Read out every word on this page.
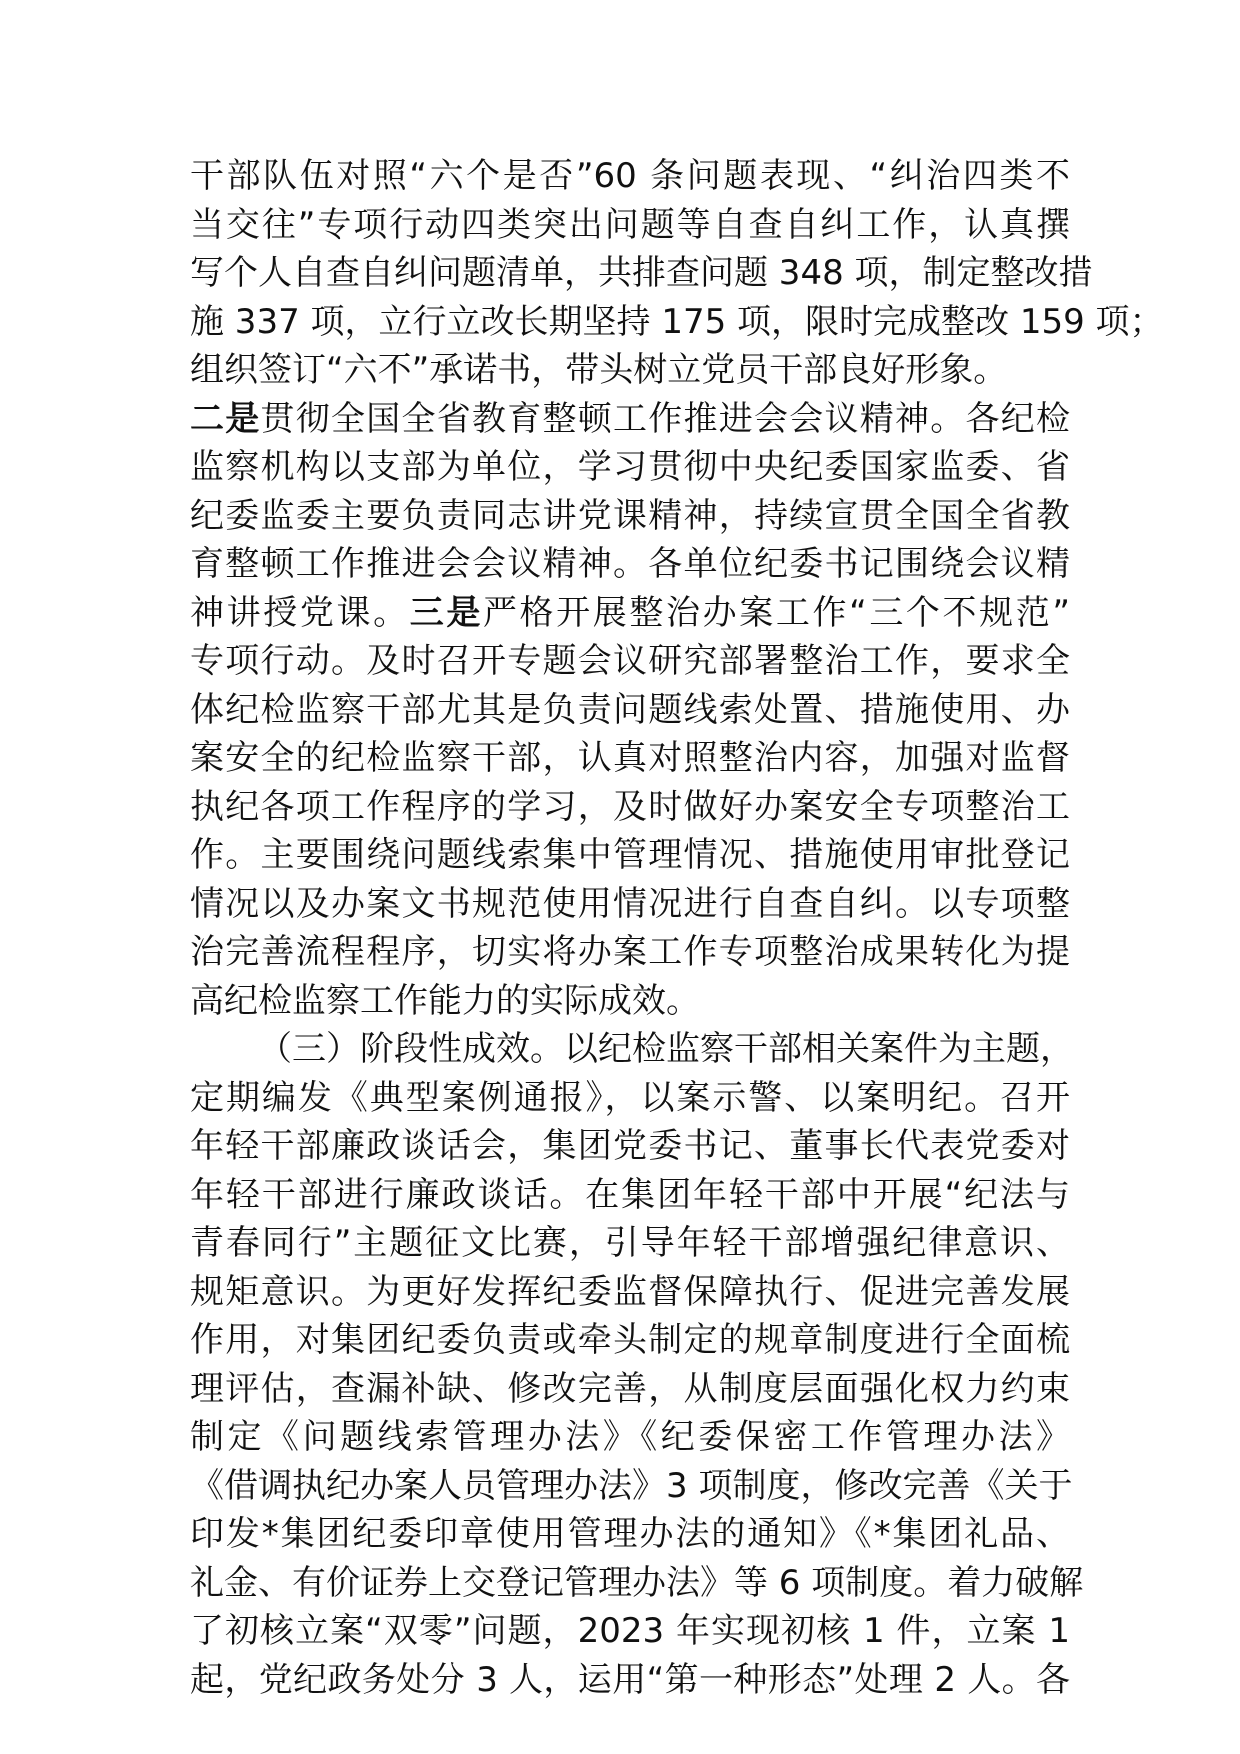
干部队伍对照“六个是否”60 条问题表现、“纠治四类不
当交往”专项行动四类突出问题等自查自纠工作，认真撰
写个人自查自纠问题清单，共排查问题 348 项，制定整改措
施 337 项，立行立改长期坚持 175 项，限时完成整改 159 项；
组织签订“六不”承诺书，带头树立党员干部良好形象。
二是贯彻全国全省教育整顿工作推进会会议精神。各纪检
监察机构以支部为单位，学习贯彻中央纪委国家监委、省
纪委监委主要负责同志讲党课精神，持续宣贯全国全省教
育整顿工作推进会会议精神。各单位纪委书记围绕会议精
神讲授党课。三是严格开展整治办案工作“三个不规范”
专项行动。及时召开专题会议研究部署整治工作，要求全
体纪检监察干部尤其是负责问题线索处置、措施使用、办
案安全的纪检监察干部，认真对照整治内容，加强对监督
执纪各项工作程序的学习，及时做好办案安全专项整治工
作。主要围绕问题线索集中管理情况、措施使用审批登记
情况以及办案文书规范使用情况进行自查自纠。以专项整
治完善流程程序，切实将办案工作专项整治成果转化为提
高纪检监察工作能力的实际成效。
（三）阶段性成效。以纪检监察干部相关案件为主题，
定期编发《典型案例通报》，以案示警、以案明纪。召开
年轻干部廉政谈话会，集团党委书记、董事长代表党委对
年轻干部进行廉政谈话。在集团年轻干部中开展“纪法与
青春同行”主题征文比赛，引导年轻干部增强纪律意识、
规矩意识。为更好发挥纪委监督保障执行、促进完善发展
作用，对集团纪委负责或牵头制定的规章制度进行全面梳
理评估，查漏补缺、修改完善，从制度层面强化权力约束
制定《问题线索管理办法》《纪委保密工作管理办法》
《借调执纪办案人员管理办法》3 项制度，修改完善《关于
印发*集团纪委印章使用管理办法的通知》《*集团礼品、
礼金、有价证券上交登记管理办法》等 6 项制度。着力破解
了初核立案“双零”问题，2023 年实现初核 1 件，立案 1
起，党纪政务处分 3 人，运用“第一种形态”处理 2 人。各
